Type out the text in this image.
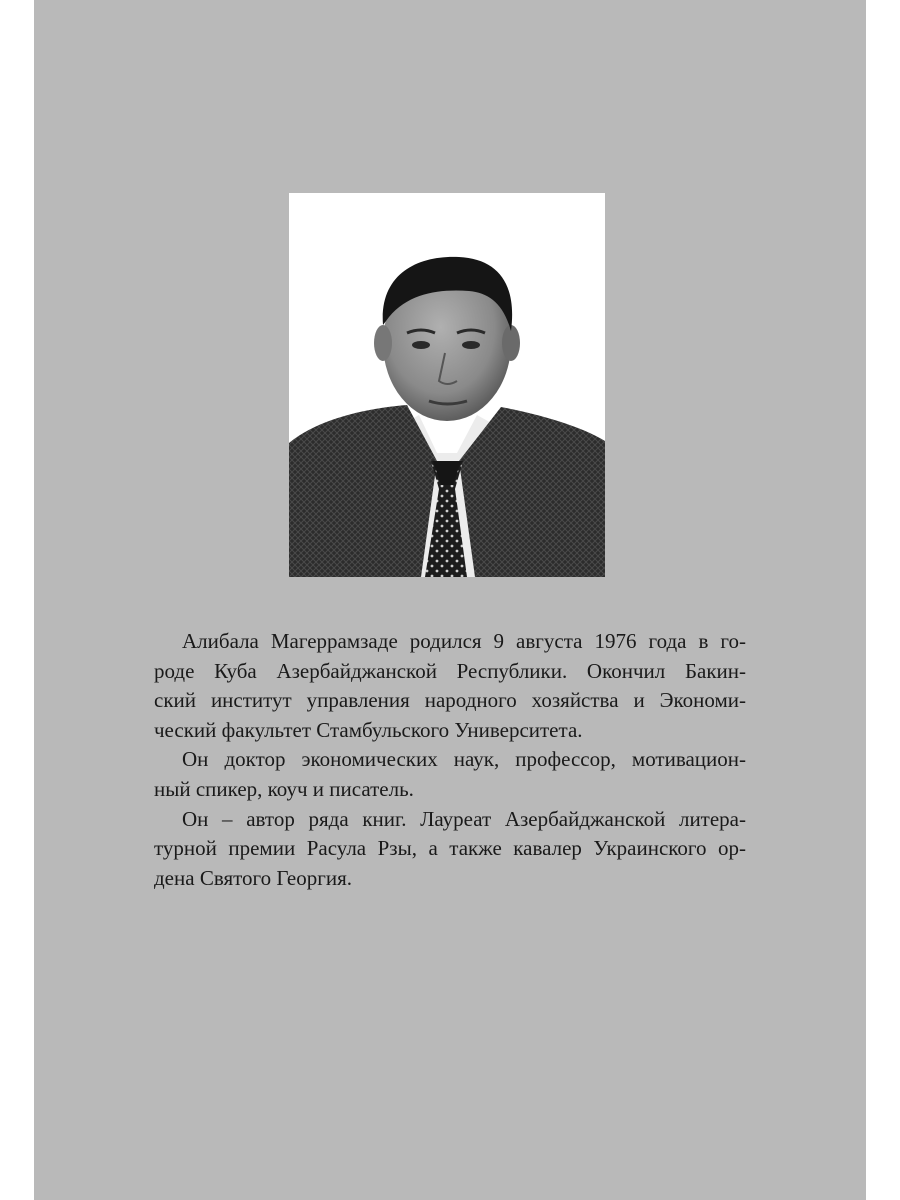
Алибала Магеррамзаде родился 9 августа 1976 года в го-
роде Куба Азербайджанской Республики. Окончил Бакин-
ский институт управления народного хозяйства и Экономи-
ческий факультет Стамбульского Университета.

Он доктор экономических наук, профессор, мотивацион-
ный спикер, коуч и писатель.

Он – автор ряда книг. Лауреат Азербайджанской литера-
турной премии Расула Рзы, а также кавалер Украинского ор-
дена Святого Георгия.
